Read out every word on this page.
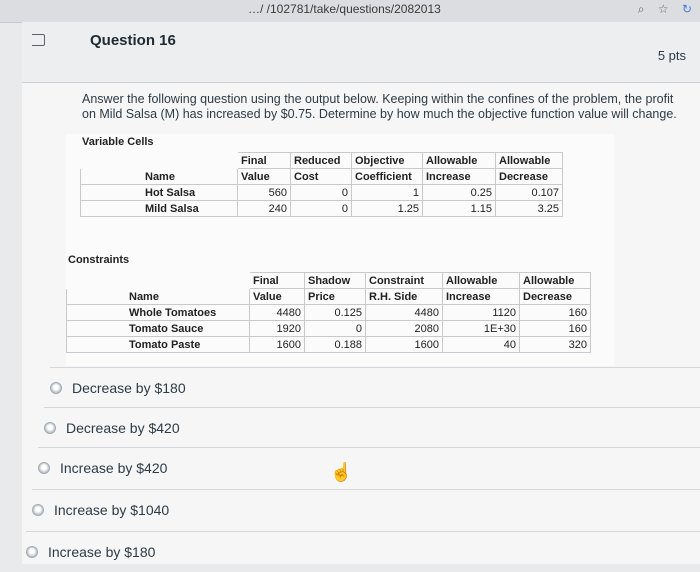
…/ /102781/take/questions/2082013	⌕ ☆ ↻
Question 16
5 pts
Answer the following question using the output below. Keeping within the confines of the problem, the profit on Mild Salsa (M) has increased by $0.75. Determine by how much the objective function value will change.
Variable Cells
	Final	Reduced	Objective	Allowable	Allowable
Name	Value	Cost	Coefficient	Increase	Decrease
Hot Salsa	560	0	1	0.25	0.107
Mild Salsa	240	0	1.25	1.15	3.25
Constraints
	Final	Shadow	Constraint	Allowable	Allowable
Name	Value	Price	R.H. Side	Increase	Decrease
Whole Tomatoes	4480	0.125	4480	1120	160
Tomato Sauce	1920	0	2080	1E+30	160
Tomato Paste	1600	0.188	1600	40	320
Decrease by $180
Decrease by $420
Increase by $420
Increase by $1040
Increase by $180
☝
